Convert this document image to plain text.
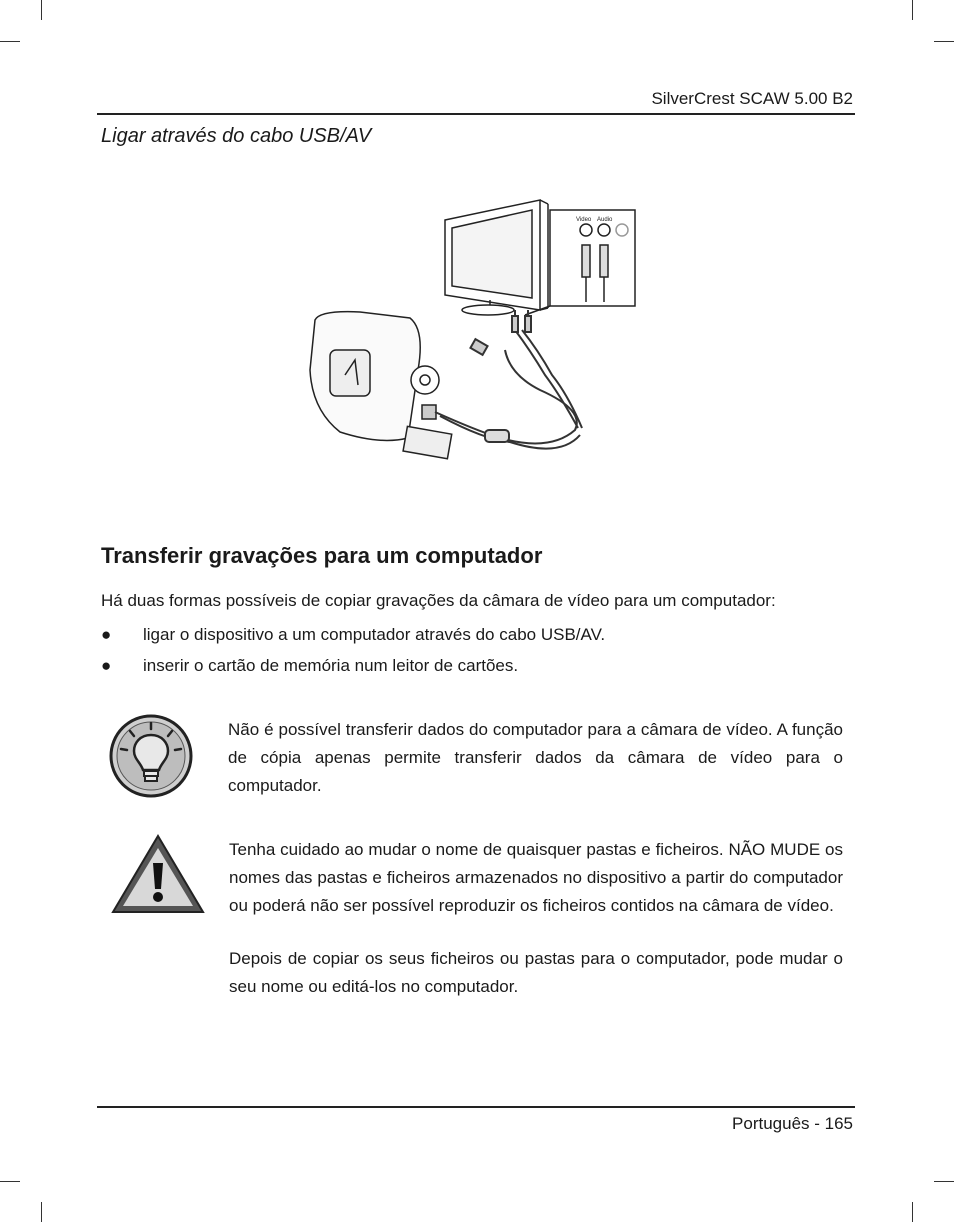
SilverCrest SCAW 5.00 B2
Ligar através do cabo USB/AV
Video Audio
Transferir gravações para um computador
Há duas formas possíveis de copiar gravações da câmara de vídeo para um computador:
● ligar o dispositivo a um computador através do cabo USB/AV.
● inserir o cartão de memória num leitor de cartões.
Não é possível transferir dados do computador para a câmara de vídeo. A função de cópia apenas permite transferir dados da câmara de vídeo para o computador.
Tenha cuidado ao mudar o nome de quaisquer pastas e ficheiros. NÃO MUDE os nomes das pastas e ficheiros armazenados no dispositivo a partir do computador ou poderá não ser possível reproduzir os ficheiros contidos na câmara de vídeo.
Depois de copiar os seus ficheiros ou pastas para o computador, pode mudar o seu nome ou editá-los no computador.
Português - 165
